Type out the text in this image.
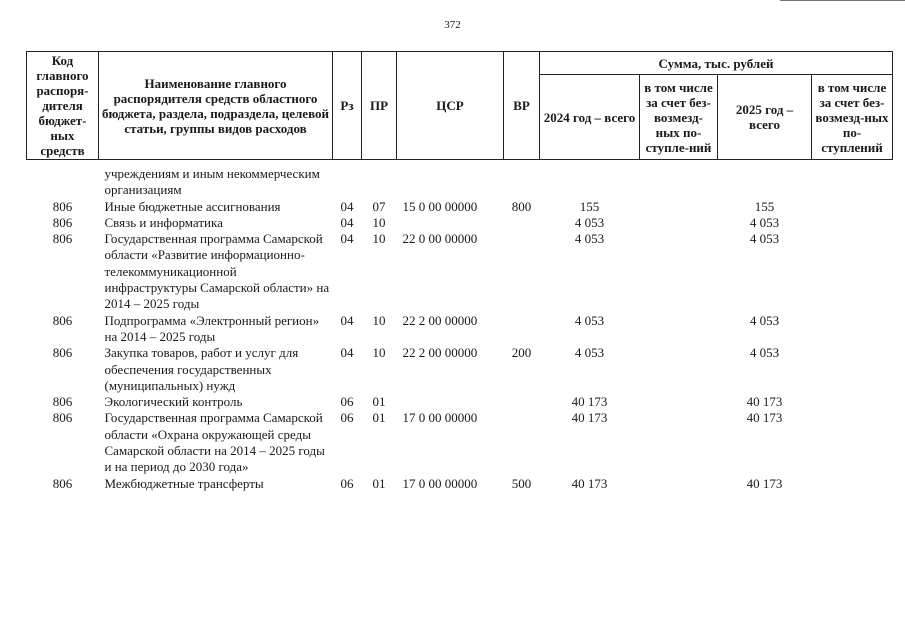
372
Код главного распоря-дителя бюджет-ных средств	Наименование главного распорядителя средств областного бюджета, раздела, подраздела, целевой статьи, группы видов расходов	Рз	ПР	ЦСР	ВР	Сумма, тыс. рублей			
						2024 год – всего	в том числе за счет без-возмезд-ных по-ступле-ний	2025 год – всего	в том числе за счет без-возмезд-ных по-ступлений
	учреждениям и иным некоммерческим организациям								
806	Иные бюджетные ассигнования	04	07	15 0 00 00000	800	155		155	
806	Связь и информатика	04	10			4 053		4 053	
806	Государственная программа Самарской области «Развитие информационно-телекоммуникационной инфраструктуры Самарской области» на 2014 – 2025 годы	04	10	22 0 00 00000		4 053		4 053	
806	Подпрограмма «Электронный регион» на 2014 – 2025 годы	04	10	22 2 00 00000		4 053		4 053	
806	Закупка товаров, работ и услуг для обеспечения государственных (муниципальных) нужд	04	10	22 2 00 00000	200	4 053		4 053	
806	Экологический контроль	06	01			40 173		40 173	
806	Государственная программа Самарской области «Охрана окружающей среды Самарской области на 2014 – 2025 годы и на период до 2030 года»	06	01	17 0 00 00000		40 173		40 173	
806	Межбюджетные трансферты	06	01	17 0 00 00000	500	40 173		40 173	
